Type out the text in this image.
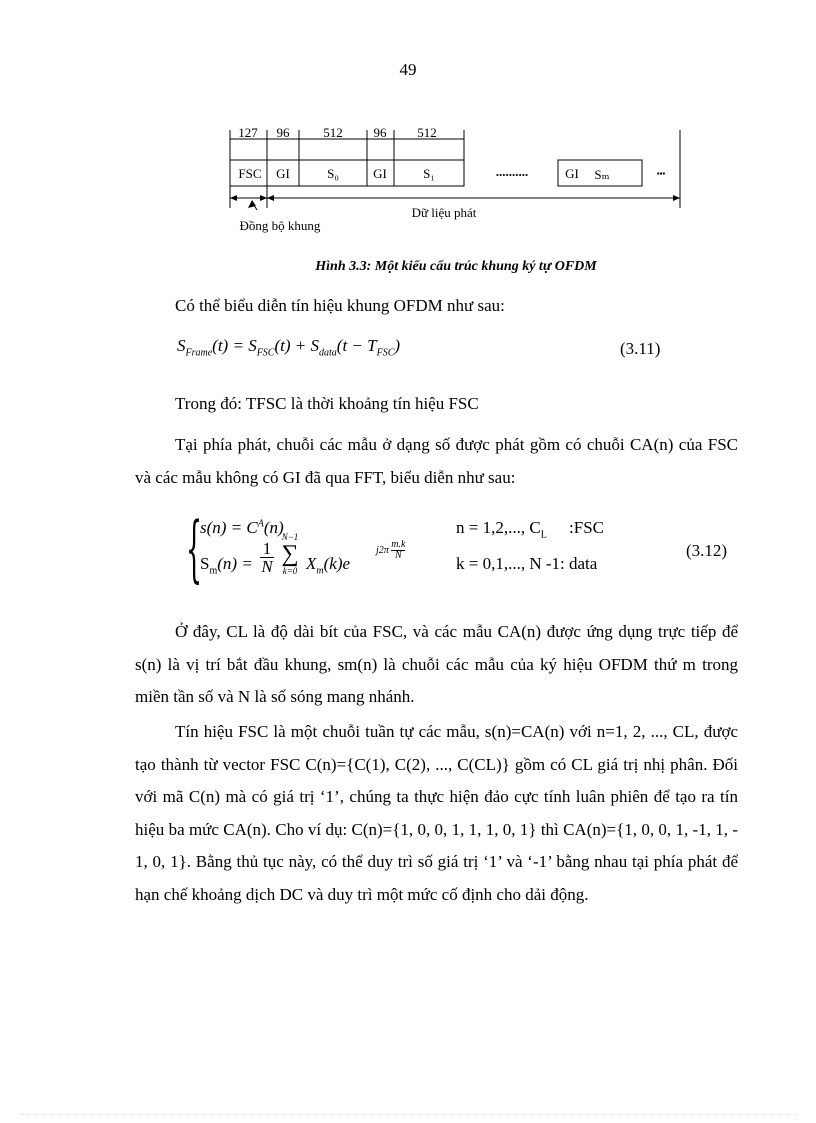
49
127 96	512 96 512
FSC GI	S₀	GI	S₁	..........	GI Sₘ	▪▪▪
Dữ liệu phát
Đồng bộ khung
Hình 3.3: Một kiểu cấu trúc khung ký tự OFDM
Có thể biểu diễn tín hiệu khung OFDM như sau:
$S_{Frame}(t) = S_{FSC}(t) + S_{data}(t - T_{FSC})$	(3.11)
Trong đó: TFSC là thời khoảng tín hiệu FSC
Tại phía phát, chuỗi các mẫu ở dạng số được phát gồm có chuỗi CA(n) của FSC và các mẫu không có GI đã qua FFT, biểu diễn như sau:
{
$s(n) = C^A(n)$	n = 1,2,..., $C_L$ :FSC
$S_m(n)$ =
1
N
N−1
∑
k=0 $X_m(k)e$
$j2\pi \frac{m.k}{N}$
k = 0,1,..., N -1: data
(3.12)
Ở đây, CL là độ dài bít của FSC, và các mẫu CA(n) được ứng dụng trực tiếp để s(n) là vị trí bắt đầu khung, sm(n) là chuỗi các mẫu của ký hiệu OFDM thứ m trong miền tần số và N là số sóng mang nhánh.
Tín hiệu FSC là một chuỗi tuần tự các mẫu, s(n)=CA(n) với n=1, 2, ..., CL, được tạo thành từ vector FSC C(n)={C(1), C(2), ..., C(CL)} gồm có CL giá trị nhị phân. Đối với mã C(n) mà có giá trị ‘1’, chúng ta thực hiện đảo cực tính luân phiên để tạo ra tín hiệu ba mức CA(n). Cho ví dụ: C(n)={1, 0, 0, 1, 1, 1, 0, 1} thì CA(n)={1, 0, 0, 1, -1, 1, - 1, 0, 1}. Bằng thủ tục này, có thể duy trì số giá trị ‘1’ và ‘-1’ bằng nhau tại phía phát để hạn chế khoảng dịch DC và duy trì một mức cố định cho dải động.
